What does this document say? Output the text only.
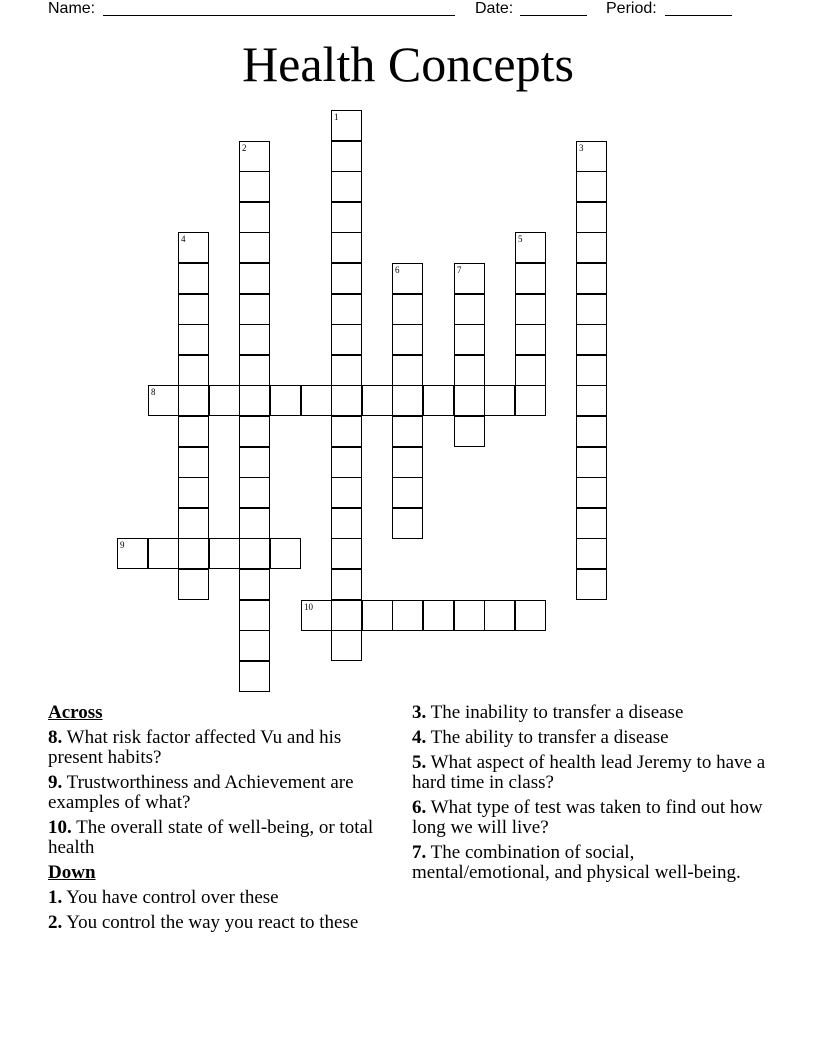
Name:	Date:	Period:
Health Concepts
1
2	3
4	5
6	7
8
9
10
Across
8. What risk factor affected Vu and his present habits?
9. Trustworthiness and Achievement are examples of what?
10. The overall state of well-being, or total health
Down
1. You have control over these
2. You control the way you react to these
3. The inability to transfer a disease
4. The ability to transfer a disease
5. What aspect of health lead Jeremy to have a hard time in class?
6. What type of test was taken to find out how long we will live?
7. The combination of social, mental/emotional, and physical well-being.
